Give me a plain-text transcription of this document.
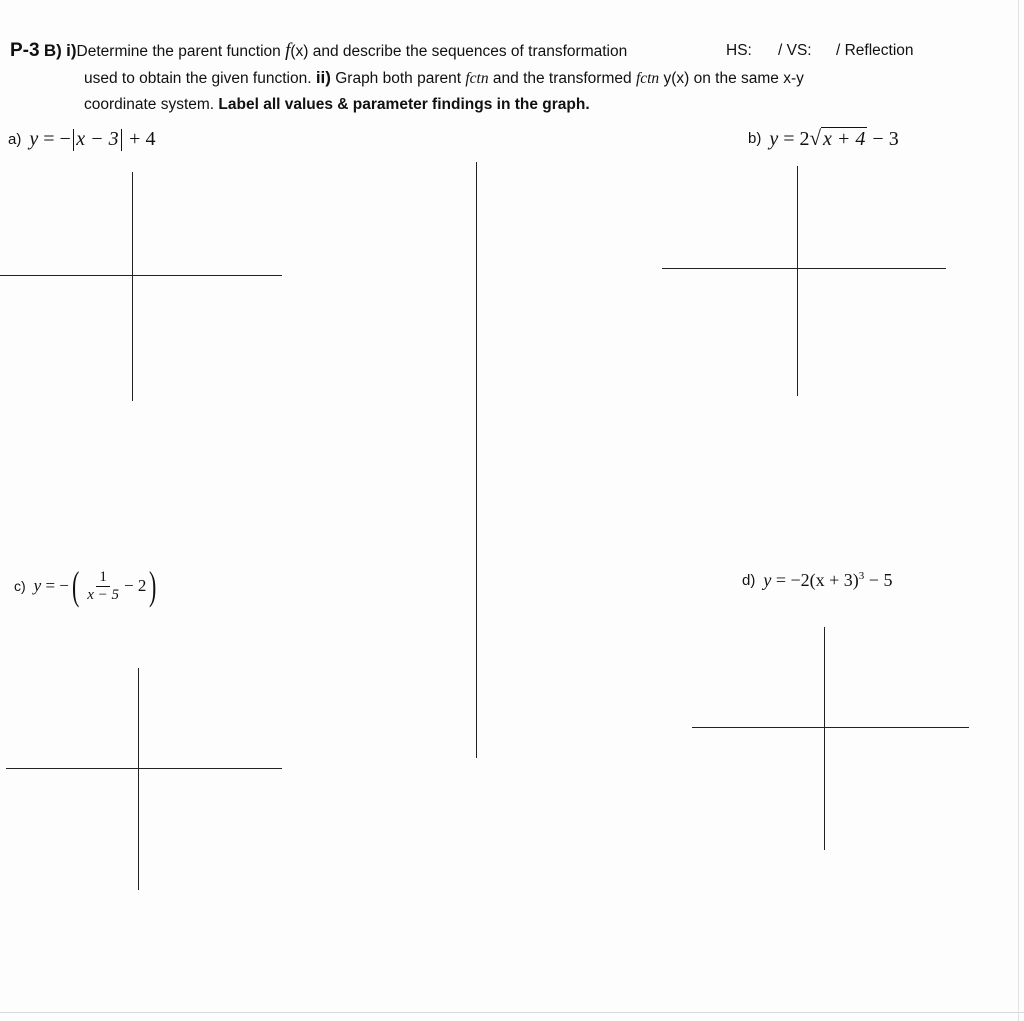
P-3 B) i)Determine the parent function f(x) and describe the sequences of transformation	HS: / VS: / Reflection
used to obtain the given function. ii) Graph both parent fctn and the transformed fctn y(x) on the same x-y
coordinate system. Label all values & parameter findings in the graph.
a) y = − x − 3 + 4	b) y = 2√ x + 4 − 3
c) y
= − ( $\frac{1}{x - 5} - 2$ )	d) $y = -2(x + 3)^3 - 5$
